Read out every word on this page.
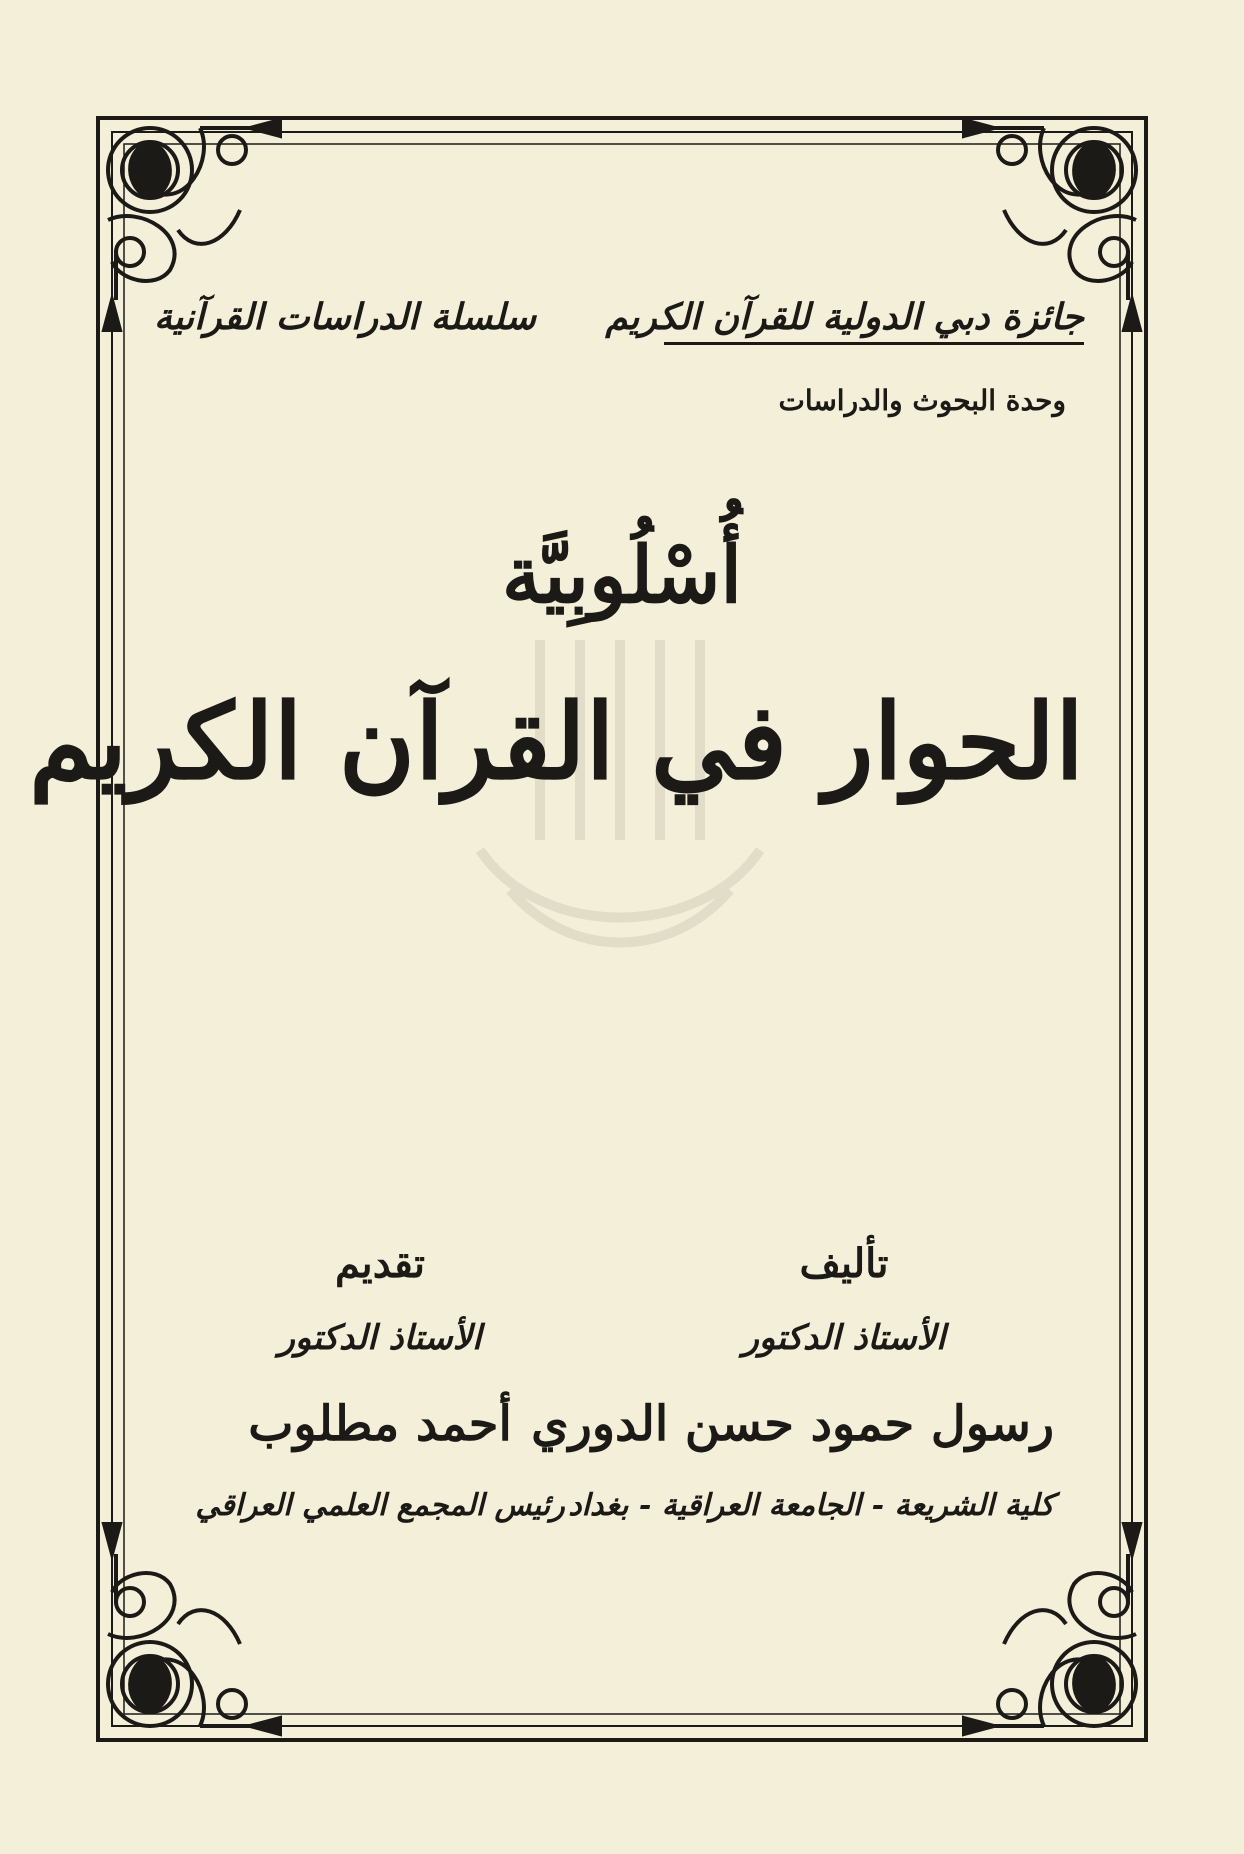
جائزة دبي الدولية للقرآن الكريم
وحدة البحوث والدراسات
سلسلة الدراسات القرآنية
أُسْلُوبِيَّة
الحوار في القرآن الكريم
تأليف
الأستاذ الدكتور
رسول حمود حسن الدوري
كلية الشريعة - الجامعة العراقية - بغداد
تقديم
الأستاذ الدكتور
أحمد مطلوب
رئيس المجمع العلمي العراقي
